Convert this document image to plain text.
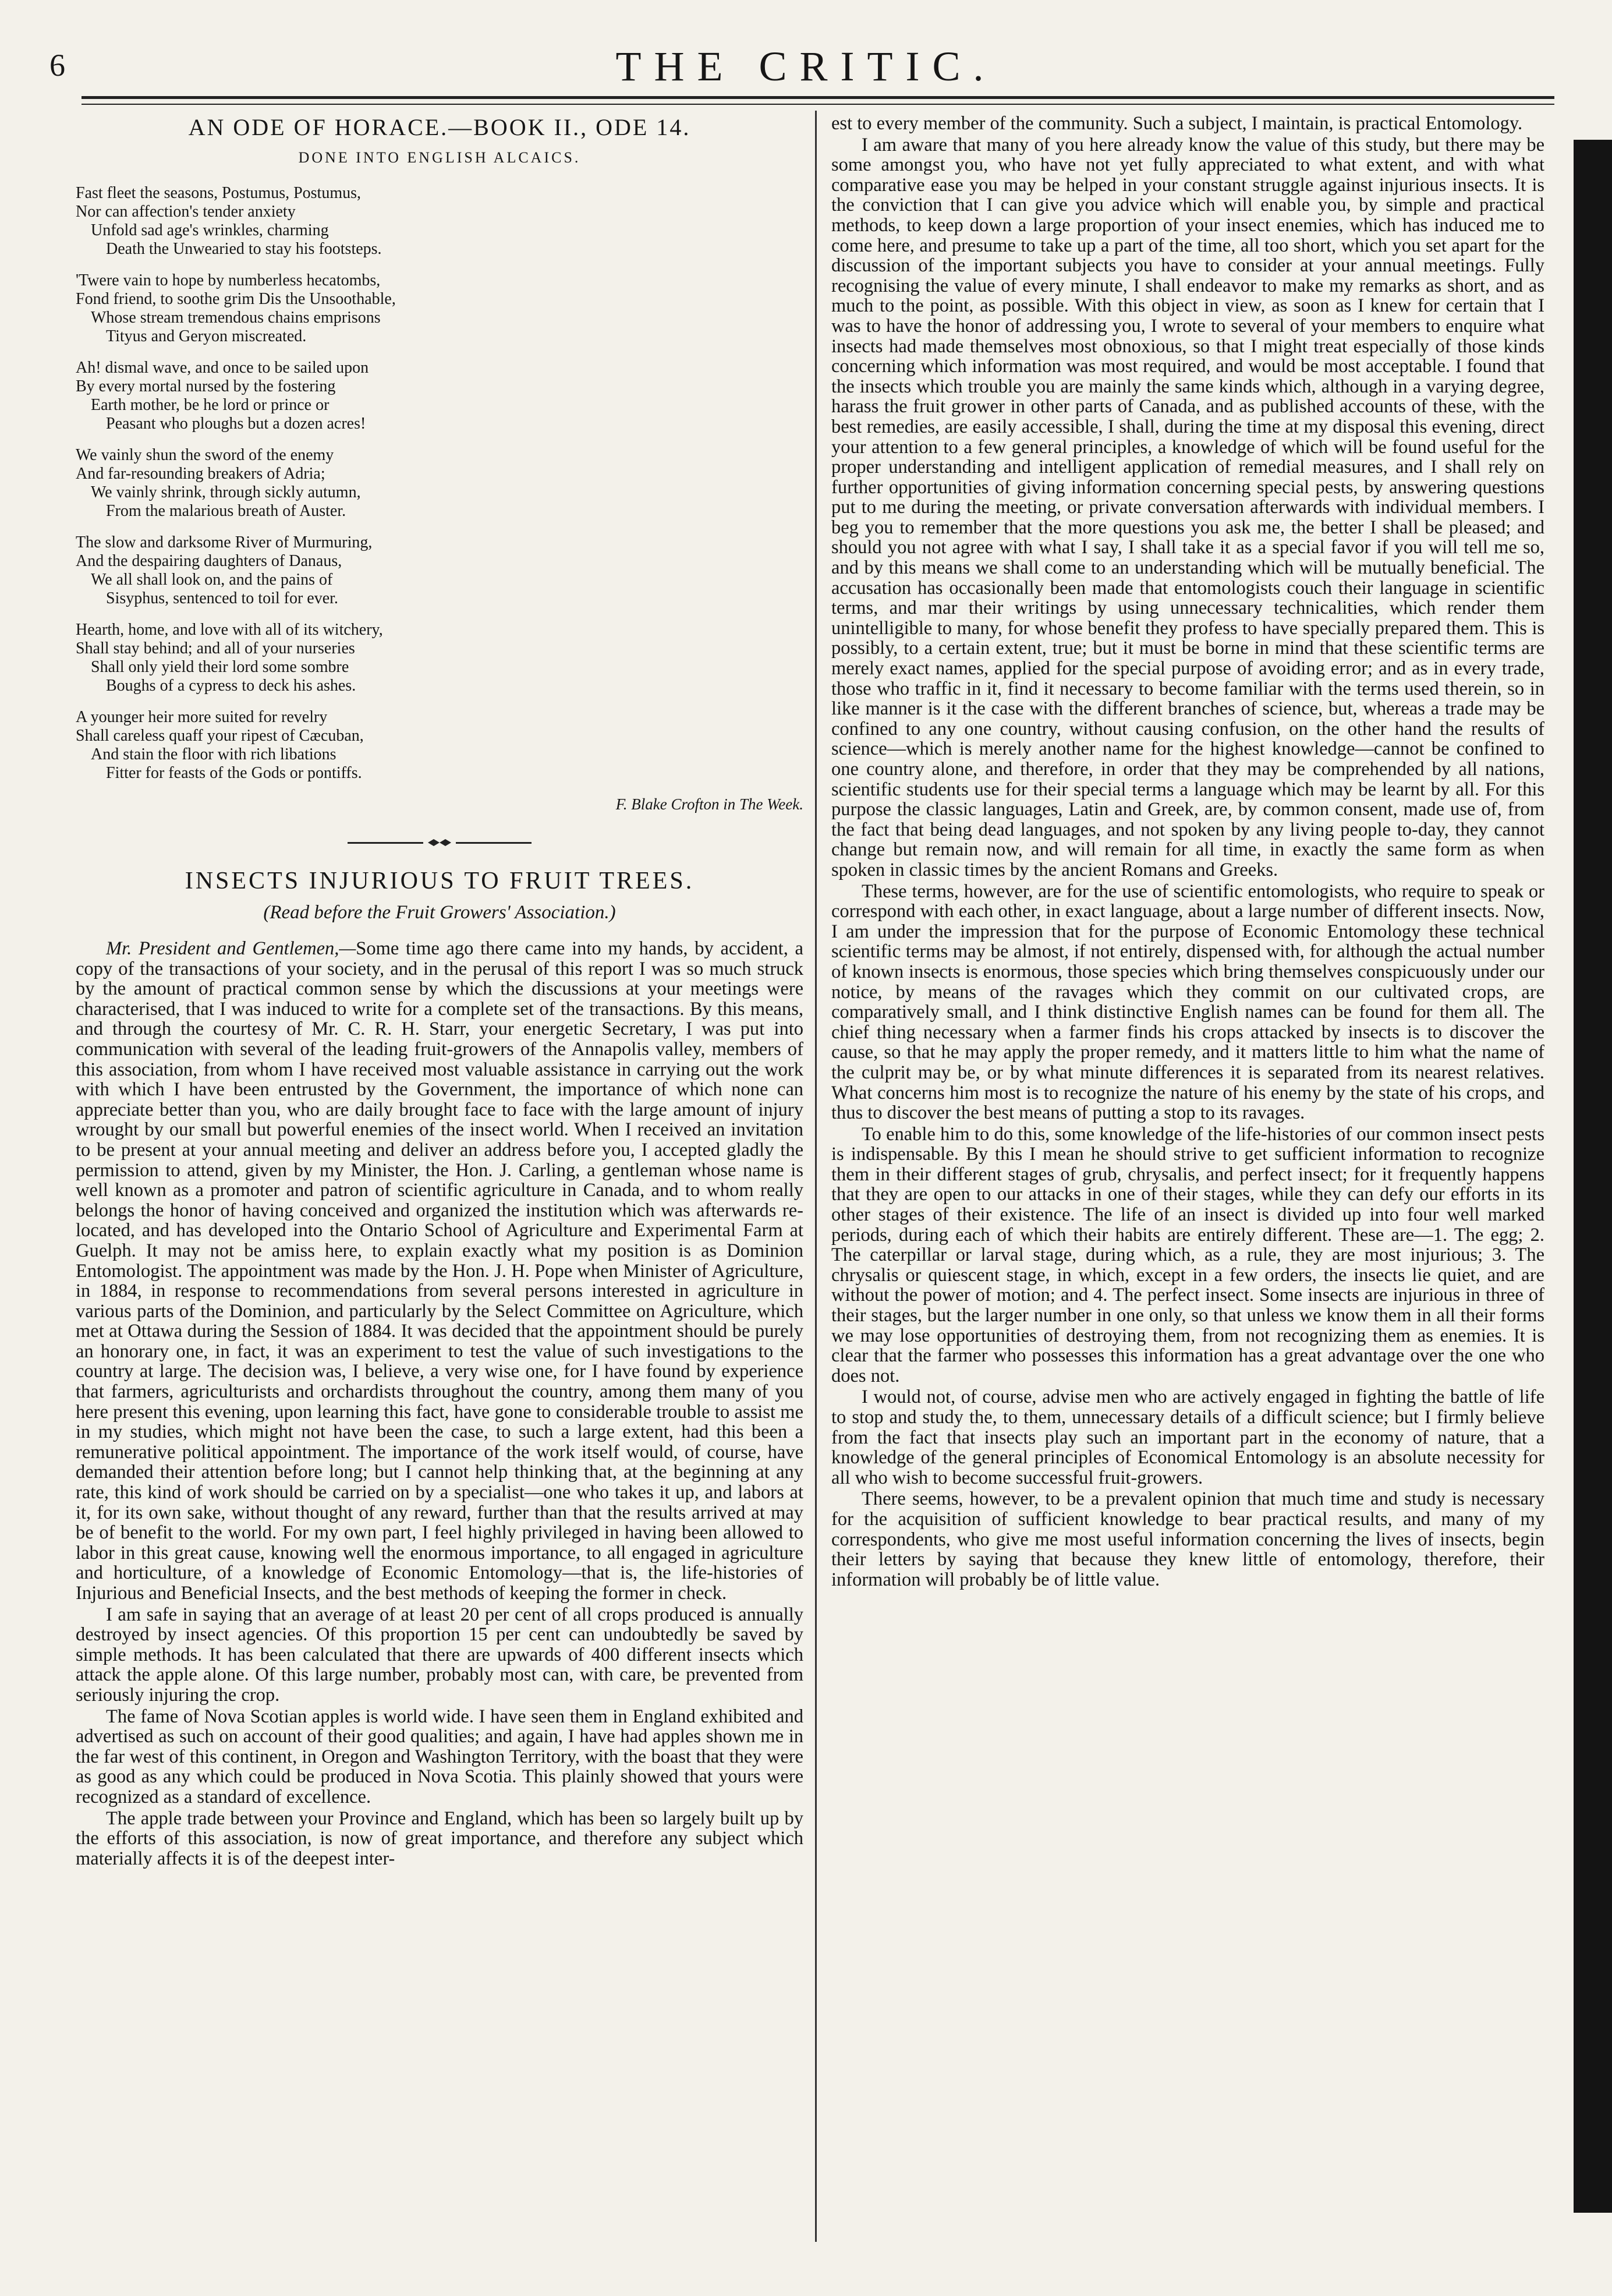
6	THE CRITIC.
AN ODE OF HORACE.—BOOK II., ODE 14.
DONE INTO ENGLISH ALCAICS.
Fast fleet the seasons, Postumus, Postumus,
Nor can affection's tender anxiety
Unfold sad age's wrinkles, charming
Death the Unwearied to stay his footsteps.
'Twere vain to hope by numberless hecatombs,
Fond friend, to soothe grim Dis the Unsoothable,
Whose stream tremendous chains emprisons
Tityus and Geryon miscreated.
Ah! dismal wave, and once to be sailed upon
By every mortal nursed by the fostering
Earth mother, be he lord or prince or
Peasant who ploughs but a dozen acres!
We vainly shun the sword of the enemy
And far-resounding breakers of Adria;
We vainly shrink, through sickly autumn,
From the malarious breath of Auster.
The slow and darksome River of Murmuring,
And the despairing daughters of Danaus,
We all shall look on, and the pains of
Sisyphus, sentenced to toil for ever.
Hearth, home, and love with all of its witchery,
Shall stay behind; and all of your nurseries
Shall only yield their lord some sombre
Boughs of a cypress to deck his ashes.
A younger heir more suited for revelry
Shall careless quaff your ripest of Cæcuban,
And stain the floor with rich libations
Fitter for feasts of the Gods or pontiffs.
F. Blake Crofton in The Week.
INSECTS INJURIOUS TO FRUIT TREES.
(Read before the Fruit Growers' Association.)

Mr. President and Gentlemen,—Some time ago there came into my hands, by accident, a copy of the transactions of your society, and in the perusal of this report I was so much struck by the amount of practical common sense by which the discussions at your meetings were characterised, that I was induced to write for a complete set of the transactions. By this means, and through the courtesy of Mr. C. R. H. Starr, your energetic Secretary, I was put into communication with several of the leading fruit-growers of the Annapolis valley, members of this association, from whom I have received most valuable assistance in carrying out the work with which I have been entrusted by the Government, the importance of which none can appreciate better than you, who are daily brought face to face with the large amount of injury wrought by our small but powerful enemies of the insect world. When I received an invitation to be present at your annual meeting and deliver an address before you, I accepted gladly the permission to attend, given by my Minister, the Hon. J. Carling, a gentleman whose name is well known as a promoter and patron of scientific agriculture in Canada, and to whom really belongs the honor of having conceived and organized the institution which was afterwards re-located, and has developed into the Ontario School of Agriculture and Experimental Farm at Guelph. It may not be amiss here, to explain exactly what my position is as Dominion Entomologist. The appointment was made by the Hon. J. H. Pope when Minister of Agriculture, in 1884, in response to recommendations from several persons interested in agriculture in various parts of the Dominion, and particularly by the Select Committee on Agriculture, which met at Ottawa during the Session of 1884. It was decided that the appointment should be purely an honorary one, in fact, it was an experiment to test the value of such investigations to the country at large. The decision was, I believe, a very wise one, for I have found by experience that farmers, agriculturists and orchardists throughout the country, among them many of you here present this evening, upon learning this fact, have gone to considerable trouble to assist me in my studies, which might not have been the case, to such a large extent, had this been a remunerative political appointment. The importance of the work itself would, of course, have demanded their attention before long; but I cannot help thinking that, at the beginning at any rate, this kind of work should be carried on by a specialist—one who takes it up, and labors at it, for its own sake, without thought of any reward, further than that the results arrived at may be of benefit to the world. For my own part, I feel highly privileged in having been allowed to labor in this great cause, knowing well the enormous importance, to all engaged in agriculture and horticulture, of a knowledge of Economic Entomology—that is, the life-histories of Injurious and Beneficial Insects, and the best methods of keeping the former in check.

I am safe in saying that an average of at least 20 per cent of all crops produced is annually destroyed by insect agencies. Of this proportion 15 per cent can undoubtedly be saved by simple methods. It has been calculated that there are upwards of 400 different insects which attack the apple alone. Of this large number, probably most can, with care, be prevented from seriously injuring the crop.

The fame of Nova Scotian apples is world wide. I have seen them in England exhibited and advertised as such on account of their good qualities; and again, I have had apples shown me in the far west of this continent, in Oregon and Washington Territory, with the boast that they were as good as any which could be produced in Nova Scotia. This plainly showed that yours were recognized as a standard of excellence.

The apple trade between your Province and England, which has been so largely built up by the efforts of this association, is now of great importance, and therefore any subject which materially affects it is of the deepest inter-

est to every member of the community. Such a subject, I maintain, is practical Entomology.

I am aware that many of you here already know the value of this study, but there may be some amongst you, who have not yet fully appreciated to what extent, and with what comparative ease you may be helped in your constant struggle against injurious insects. It is the conviction that I can give you advice which will enable you, by simple and practical methods, to keep down a large proportion of your insect enemies, which has induced me to come here, and presume to take up a part of the time, all too short, which you set apart for the discussion of the important subjects you have to consider at your annual meetings. Fully recognising the value of every minute, I shall endeavor to make my remarks as short, and as much to the point, as possible. With this object in view, as soon as I knew for certain that I was to have the honor of addressing you, I wrote to several of your members to enquire what insects had made themselves most obnoxious, so that I might treat especially of those kinds concerning which information was most required, and would be most acceptable. I found that the insects which trouble you are mainly the same kinds which, although in a varying degree, harass the fruit grower in other parts of Canada, and as published accounts of these, with the best remedies, are easily accessible, I shall, during the time at my disposal this evening, direct your attention to a few general principles, a knowledge of which will be found useful for the proper understanding and intelligent application of remedial measures, and I shall rely on further opportunities of giving information concerning special pests, by answering questions put to me during the meeting, or private conversation afterwards with individual members. I beg you to remember that the more questions you ask me, the better I shall be pleased; and should you not agree with what I say, I shall take it as a special favor if you will tell me so, and by this means we shall come to an understanding which will be mutually beneficial. The accusation has occasionally been made that entomologists couch their language in scientific terms, and mar their writings by using unnecessary technicalities, which render them unintelligible to many, for whose benefit they profess to have specially prepared them. This is possibly, to a certain extent, true; but it must be borne in mind that these scientific terms are merely exact names, applied for the special purpose of avoiding error; and as in every trade, those who traffic in it, find it necessary to become familiar with the terms used therein, so in like manner is it the case with the different branches of science, but, whereas a trade may be confined to any one country, without causing confusion, on the other hand the results of science—which is merely another name for the highest knowledge—cannot be confined to one country alone, and therefore, in order that they may be comprehended by all nations, scientific students use for their special terms a language which may be learnt by all. For this purpose the classic languages, Latin and Greek, are, by common consent, made use of, from the fact that being dead languages, and not spoken by any living people to-day, they cannot change but remain now, and will remain for all time, in exactly the same form as when spoken in classic times by the ancient Romans and Greeks.

These terms, however, are for the use of scientific entomologists, who require to speak or correspond with each other, in exact language, about a large number of different insects. Now, I am under the impression that for the purpose of Economic Entomology these technical scientific terms may be almost, if not entirely, dispensed with, for although the actual number of known insects is enormous, those species which bring themselves conspicuously under our notice, by means of the ravages which they commit on our cultivated crops, are comparatively small, and I think distinctive English names can be found for them all. The chief thing necessary when a farmer finds his crops attacked by insects is to discover the cause, so that he may apply the proper remedy, and it matters little to him what the name of the culprit may be, or by what minute differences it is separated from its nearest relatives. What concerns him most is to recognize the nature of his enemy by the state of his crops, and thus to discover the best means of putting a stop to its ravages.

To enable him to do this, some knowledge of the life-histories of our common insect pests is indispensable. By this I mean he should strive to get sufficient information to recognize them in their different stages of grub, chrysalis, and perfect insect; for it frequently happens that they are open to our attacks in one of their stages, while they can defy our efforts in its other stages of their existence. The life of an insect is divided up into four well marked periods, during each of which their habits are entirely different. These are—1. The egg; 2. The caterpillar or larval stage, during which, as a rule, they are most injurious; 3. The chrysalis or quiescent stage, in which, except in a few orders, the insects lie quiet, and are without the power of motion; and 4. The perfect insect. Some insects are injurious in three of their stages, but the larger number in one only, so that unless we know them in all their forms we may lose opportunities of destroying them, from not recognizing them as enemies. It is clear that the farmer who possesses this information has a great advantage over the one who does not.

I would not, of course, advise men who are actively engaged in fighting the battle of life to stop and study the, to them, unnecessary details of a difficult science; but I firmly believe from the fact that insects play such an important part in the economy of nature, that a knowledge of the general principles of Economical Entomology is an absolute necessity for all who wish to become successful fruit-growers.

There seems, however, to be a prevalent opinion that much time and study is necessary for the acquisition of sufficient knowledge to bear practical results, and many of my correspondents, who give me most useful information concerning the lives of insects, begin their letters by saying that because they knew little of entomology, therefore, their information will probably be of little value.
